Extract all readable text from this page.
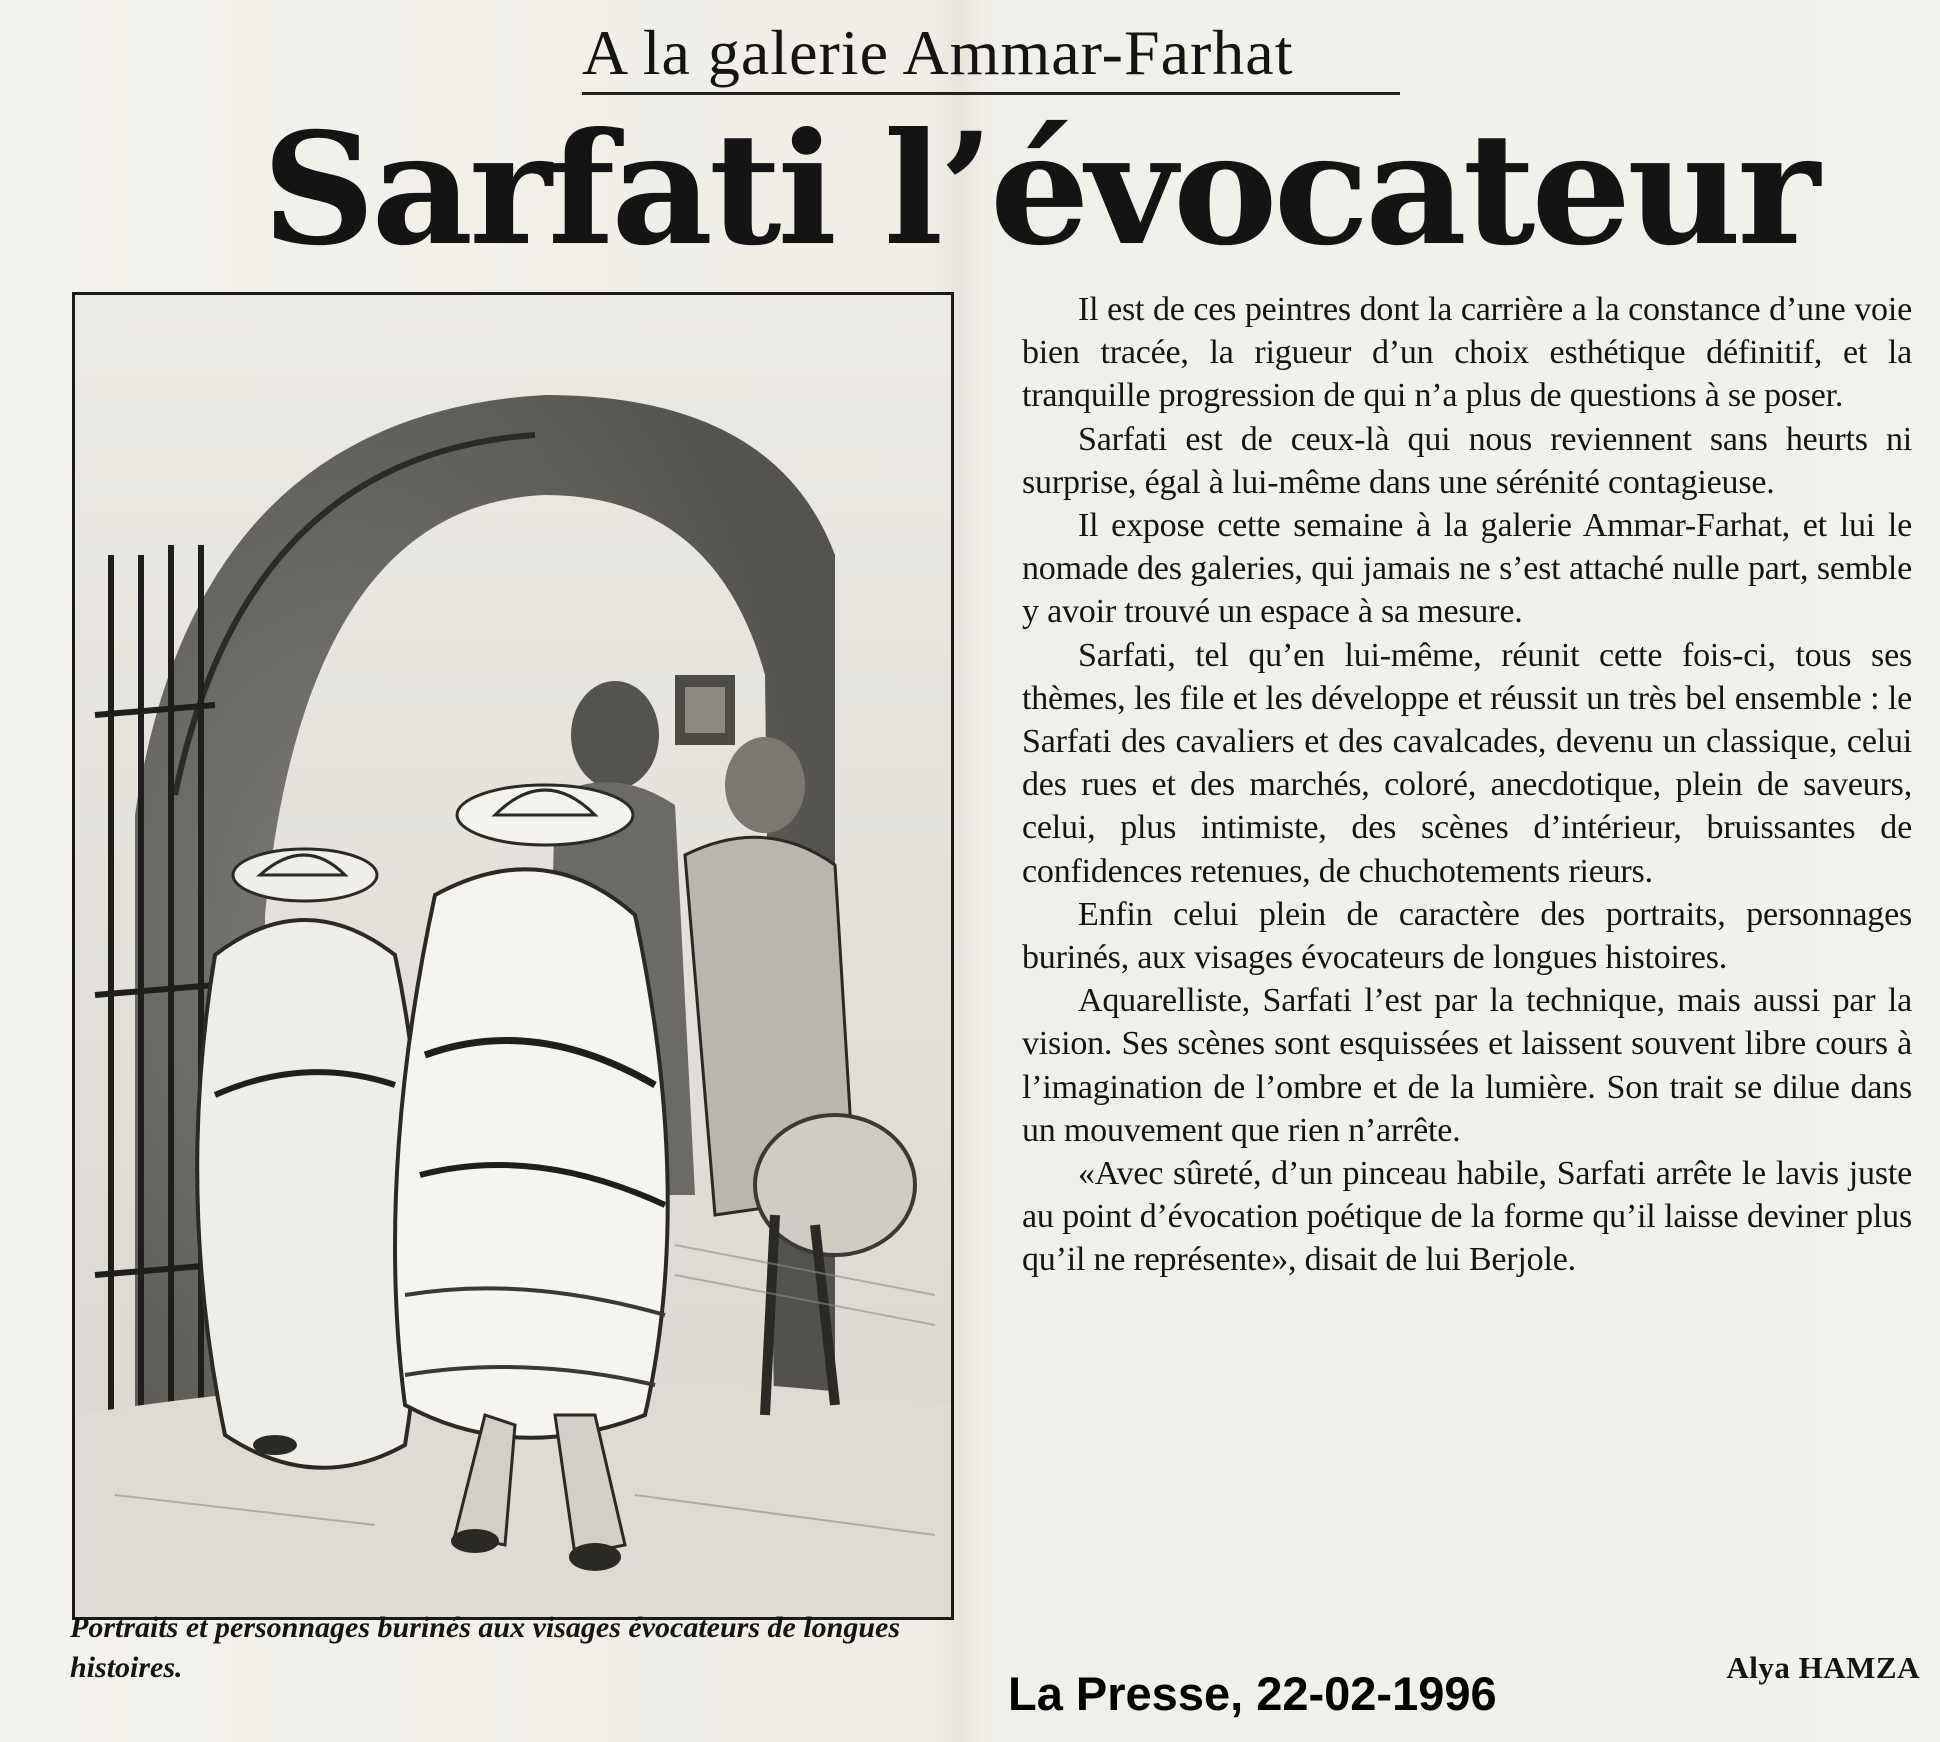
A la galerie Ammar-Farhat
Sarfati l’évocateur
Portraits et personnages burinés aux visages évocateurs de longues histoires.

Il est de ces peintres dont la carrière a la constance d’une voie bien tracée, la rigueur d’un choix esthétique définitif, et la tranquille progression de qui n’a plus de questions à se poser.

Sarfati est de ceux-là qui nous reviennent sans heurts ni surprise, égal à lui-même dans une sérénité contagieuse.

Il expose cette semaine à la galerie Ammar-Farhat, et lui le nomade des galeries, qui jamais ne s’est attaché nulle part, semble y avoir trouvé un espace à sa mesure.

Sarfati, tel qu’en lui-même, réunit cette fois-ci, tous ses thèmes, les file et les développe et réussit un très bel ensemble : le Sarfati des cavaliers et des cavalcades, devenu un classique, celui des rues et des marchés, coloré, anecdotique, plein de saveurs, celui, plus intimiste, des scènes d’intérieur, bruissantes de confidences retenues, de chuchotements rieurs.

Enfin celui plein de caractère des portraits, personnages burinés, aux visages évocateurs de longues histoires.

Aquarelliste, Sarfati l’est par la technique, mais aussi par la vision. Ses scènes sont esquissées et laissent souvent libre cours à l’imagination de l’ombre et de la lumière. Son trait se dilue dans un mouvement que rien n’arrête.

«Avec sûreté, d’un pinceau habile, Sarfati arrête le lavis juste au point d’évocation poétique de la forme qu’il laisse deviner plus qu’il ne représente», disait de lui Berjole.

Alya HAMZA
La Presse, 22-02-1996
